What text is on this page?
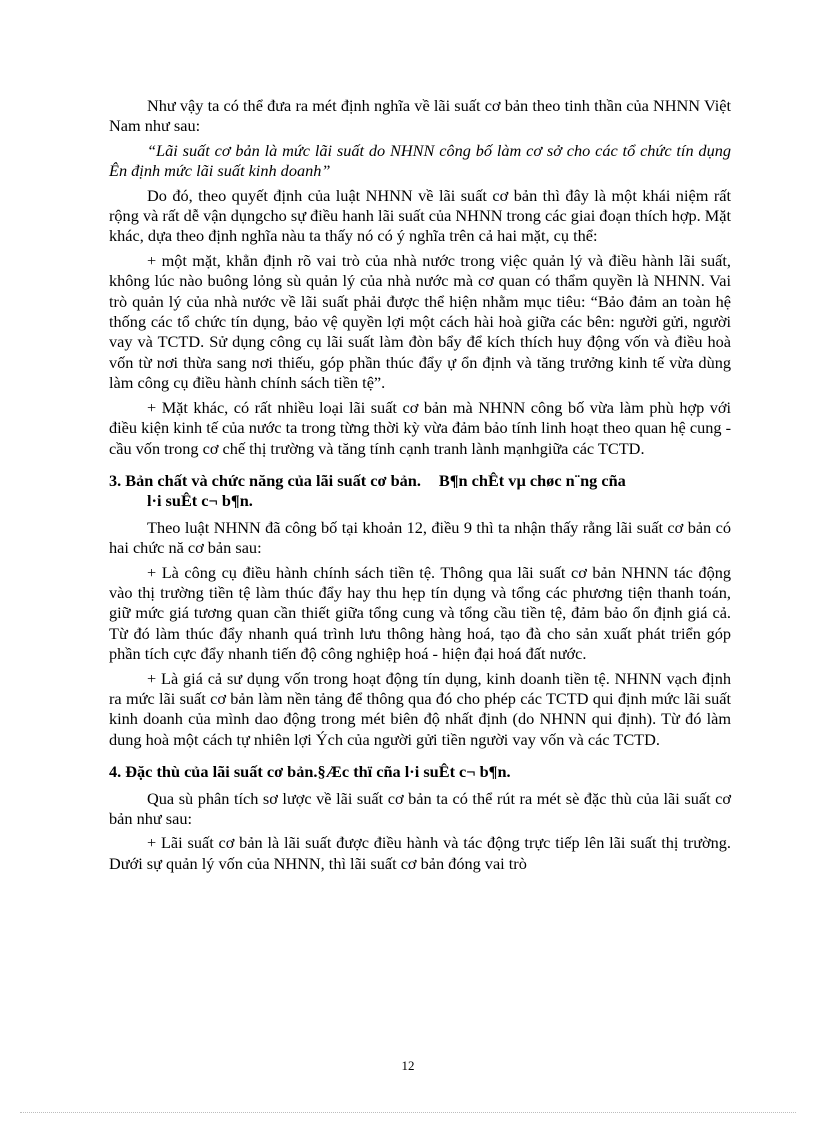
Như vậy ta có thể đưa ra mét định nghĩa về lãi suất cơ bản theo tinh thần của NHNN Việt Nam như sau:

“Lãi suất cơ bản là mức lãi suất do NHNN công bố làm cơ sở cho các tổ chức tín dụng Ên định mức lãi suất kinh doanh”

Do đó, theo quyết định của luật NHNN về lãi suất cơ bản thì đây là một khái niệm rất rộng và rất dễ vận dụngcho sự điều hanh lãi suất của NHNN trong các giai đoạn thích hợp. Mặt khác, dựa theo định nghĩa nàu ta thấy nó có ý nghĩa trên cả hai mặt, cụ thể:

+ một mặt, khẳn định rõ vai trò của nhà nước trong việc quản lý và điều hành lãi suất, không lúc nào buông lỏng sù quản lý của nhà nước mà cơ quan có thẩm quyền là NHNN. Vai trò quản lý của nhà nước về lãi suất phải được thể hiện nhằm mục tiêu: “Bảo đảm an toàn hệ thống các tổ chức tín dụng, bảo vệ quyền lợi một cách hài hoà giữa các bên: người gửi, người vay và TCTD. Sử dụng công cụ lãi suất làm đòn bẩy để kích thích huy động vốn và điều hoà vốn từ nơi thừa sang nơi thiếu, góp phần thúc đẩy ự ổn định và tăng trưởng kinh tế vừa dùng làm công cụ điều hành chính sách tiền tệ”.

+ Mặt khác, có rất nhiều loại lãi suất cơ bản mà NHNN công bố vừa làm phù hợp với điều kiện kinh tế của nước ta trong từng thời kỳ vừa đảm bảo tính linh hoạt theo quan hệ cung - cầu vốn trong cơ chế thị trường và tăng tính cạnh tranh lành mạnhgiữa các TCTD.

3. Bản chất và chức năng của lãi suất cơ bản. B¶n chÊt vµ chøc n¨ng cña
l·i suÊt c¬ b¶n.

Theo luật NHNN đã công bố tại khoản 12, điều 9 thì ta nhận thấy rằng lãi suất cơ bản có hai chức nă cơ bản sau:

+ Là công cụ điều hành chính sách tiền tệ. Thông qua lãi suất cơ bản NHNN tác động vào thị trường tiền tệ làm thúc đẩy hay thu hẹp tín dụng và tổng các phương tiện thanh toán, giữ mức giá tương quan cần thiết giữa tổng cung và tổng cầu tiền tệ, đảm bảo ổn định giá cả. Từ đó làm thúc đẩy nhanh quá trình lưu thông hàng hoá, tạo đà cho sản xuất phát triển góp phần tích cực đẩy nhanh tiến độ công nghiệp hoá - hiện đại hoá đất nước.

+ Là giá cả sư dụng vốn trong hoạt động tín dụng, kinh doanh tiền tệ. NHNN vạch định ra mức lãi suất cơ bản làm nền tảng để thông qua đó cho phép các TCTD qui định mức lãi suất kinh doanh của mình dao động trong mét biên độ nhất định (do NHNN qui định). Từ đó làm dung hoà một cách tự nhiên lợi Ých của người gửi tiền người vay vốn và các TCTD.

4. Đặc thù của lãi suất cơ bản.§Æc thï cña l·i suÊt c¬ b¶n.

Qua sù phân tích sơ lược về lãi suất cơ bản ta có thể rút ra mét sè đặc thù của lãi suất cơ bản như sau:

+ Lãi suất cơ bản là lãi suất được điều hành và tác động trực tiếp lên lãi suất thị trường. Dưới sự quản lý vốn của NHNN, thì lãi suất cơ bản đóng vai trò

12
